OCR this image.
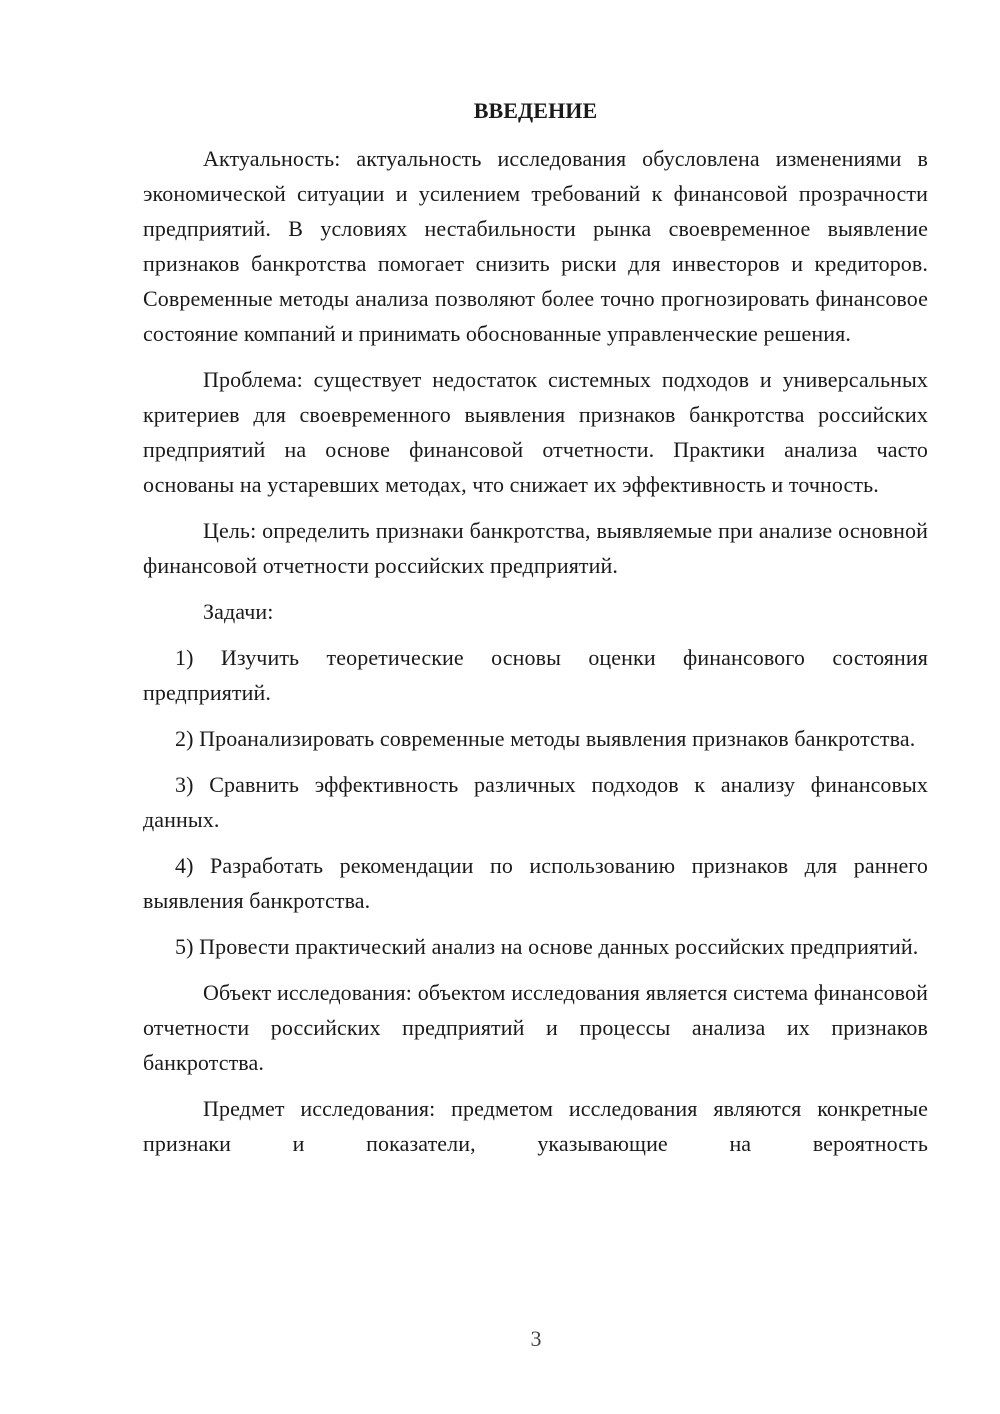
ВВЕДЕНИЕ

Актуальность: актуальность исследования обусловлена изменениями в экономической ситуации и усилением требований к финансовой прозрачности предприятий. В условиях нестабильности рынка своевременное выявление признаков банкротства помогает снизить риски для инвесторов и кредиторов. Современные методы анализа позволяют более точно прогнозировать финансовое состояние компаний и принимать обоснованные управленческие решения.

Проблема: существует недостаток системных подходов и универсальных критериев для своевременного выявления признаков банкротства российских предприятий на основе финансовой отчетности. Практики анализа часто основаны на устаревших методах, что снижает их эффективность и точность.

Цель: определить признаки банкротства, выявляемые при анализе основной финансовой отчетности российских предприятий.

Задачи:

1) Изучить теоретические основы оценки финансового состояния предприятий.

2) Проанализировать современные методы выявления признаков банкротства.

3) Сравнить эффективность различных подходов к анализу финансовых данных.

4) Разработать рекомендации по использованию признаков для раннего выявления банкротства.

5) Провести практический анализ на основе данных российских предприятий.

Объект исследования: объектом исследования является система финансовой отчетности российских предприятий и процессы анализа их признаков банкротства.

Предмет исследования: предметом исследования являются конкретные признаки и показатели, указывающие на вероятность

3
